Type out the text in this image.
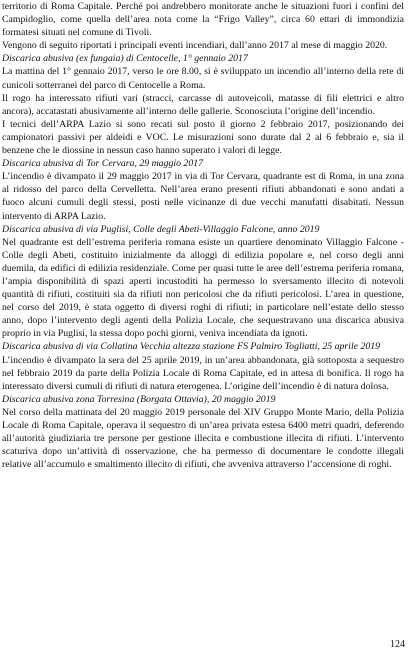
territorio di Roma Capitale. Perché poi andrebbero monitorate anche le situazioni fuori i confini del Campidoglio, come quella dell’area nota come la “Frigo Valley”, circa 60 ettari di immondizia formatesi situati nel comune di Tivoli.

Vengono di seguito riportati i principali eventi incendiari, dall’anno 2017 al mese di maggio 2020.

Discarica abusiva (ex fungaia) di Centocelle, 1° gennaio 2017

La mattina del 1° gennaio 2017, verso le ore 8.00, si è sviluppato un incendio all’interno della rete di cunicoli sotterranei del parco di Centocelle a Roma.

Il rogo ha interessato rifiuti vari (stracci, carcasse di autoveicoli, matasse di fili elettrici e altro ancora), accatastati abusivamente all’interno delle gallerie. Sconosciuta l’origine dell’incendio.

I tecnici dell’ARPA Lazio si sono recati sul posto il giorno 2 febbraio 2017, posizionando dei campionatori passivi per aldeidi e VOC. Le misurazioni sono durate dal 2 al 6 febbraio e, sia il benzene che le diossine in nessun caso hanno superato i valori di legge.

Discarica abusiva di Tor Cervara, 29 maggio 2017

L’incendio è divampato il 29 maggio 2017 in via di Tor Cervara, quadrante est di Roma, in una zona al ridosso del parco della Cervelletta. Nell’area erano presenti rifiuti abbandonati e sono andati a fuoco alcuni cumuli degli stessi, posti nelle vicinanze di due vecchi manufatti disabitati. Nessun intervento di ARPA Lazio.

Discarica abusiva di via Puglisi, Colle degli Abeti-Villaggio Falcone, anno 2019

Nel quadrante est dell’estrema periferia romana esiste un quartiere denominato Villaggio Falcone - Colle degli Abeti, costituito inizialmente da alloggi di edilizia popolare e, nel corso degli anni duemila, da edifici di edilizia residenziale. Come per quasi tutte le aree dell’estrema periferia romana, l’ampia disponibilità di spazi aperti incustoditi ha permesso lo sversamento illecito di notevoli quantità di rifiuti, costituiti sia da rifiuti non pericolosi che da rifiuti pericolosi. L’area in questione, nel corso del 2019, è stata oggetto di diversi roghi di rifiuti; in particolare nell’estate dello stesso anno, dopo l’intervento degli agenti della Polizia Locale, che sequestravano una discarica abusiva proprio in via Puglisi, la stessa dopo pochi giorni, veniva incendiata da ignoti.

Discarica abusiva di via Collatina Vecchia altezza stazione FS Palmiro Togliatti, 25 aprile 2019

L’incendio è divampato la sera del 25 aprile 2019, in un’area abbandonata, già sottoposta a sequestro nel febbraio 2019 da parte della Polizia Locale di Roma Capitale, ed in attesa di bonifica. Il rogo ha interessato diversi cumuli di rifiuti di natura eterogenea. L’origine dell’incendio è di natura dolosa.

Discarica abusiva zona Torresina (Borgata Ottavia), 20 maggio 2019

Nel corso della mattinata del 20 maggio 2019 personale del XIV Gruppo Monte Mario, della Polizia Locale di Roma Capitale, operava il sequestro di un’area privata estesa 6400 metri quadri, deferendo all’autorità giudiziaria tre persone per gestione illecita e combustione illecita di rifiuti. L’intervento scaturiva dopo un’attività di osservazione, che ha permesso di documentare le condotte illegali relative all’accumulo e smaltimento illecito di rifiuti, che avveniva attraverso l’accensione di roghi.

124
